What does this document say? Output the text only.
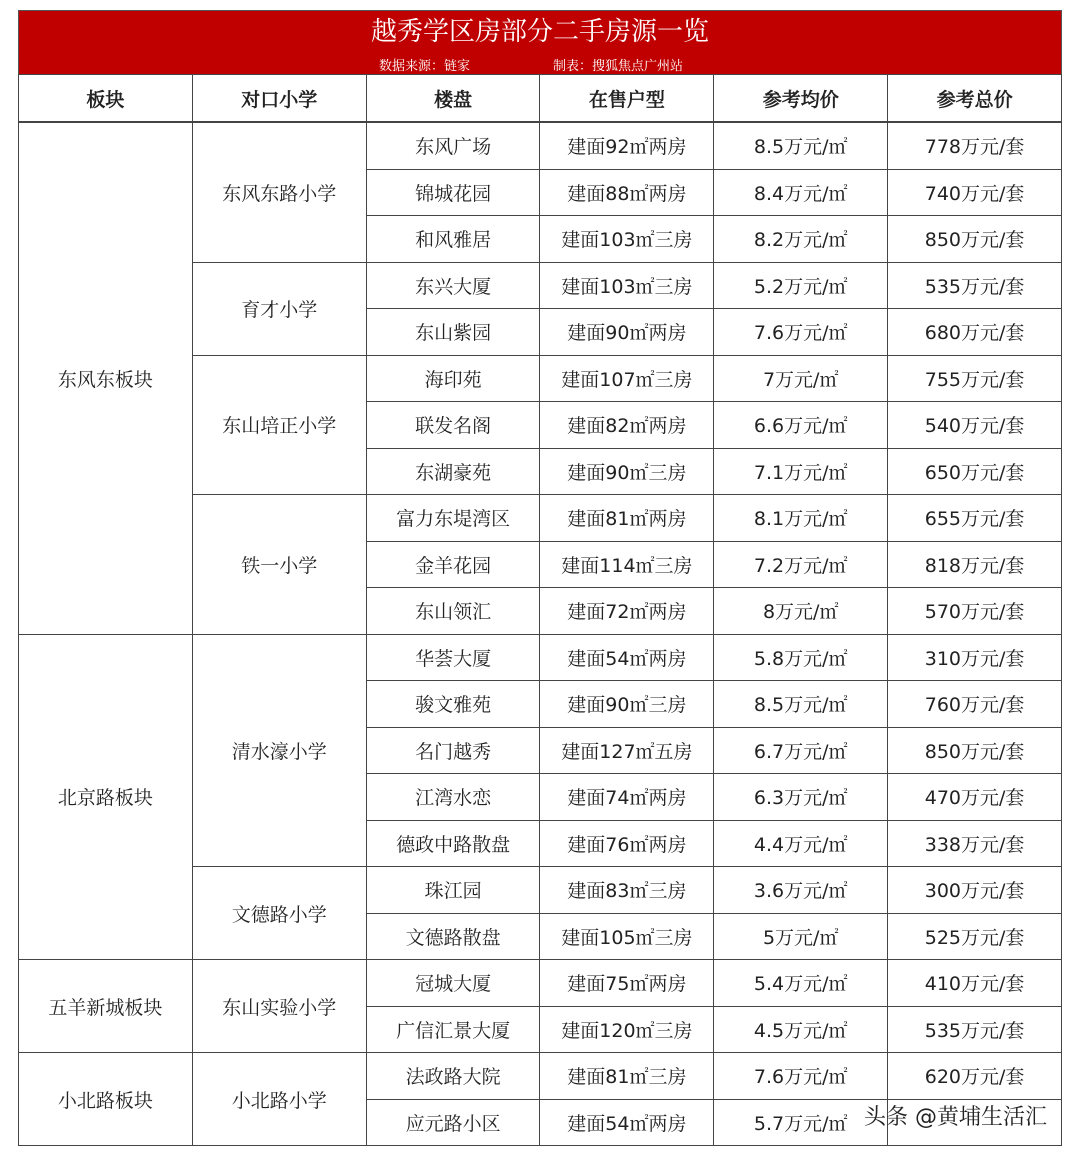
越秀学区房部分二手房源一览
数据来源：链家	制表：搜狐焦点广州站
板块	对口小学	楼盘	在售户型	参考均价	参考总价
东风东板块	东风东路小学	东风广场	建面92㎡两房	8.5万元/㎡	778万元/套
		锦城花园	建面88㎡两房	8.4万元/㎡	740万元/套
		和风雅居	建面103㎡三房	8.2万元/㎡	850万元/套
	育才小学	东兴大厦	建面103㎡三房	5.2万元/㎡	535万元/套
		东山紫园	建面90㎡两房	7.6万元/㎡	680万元/套
	东山培正小学	海印苑	建面107㎡三房	7万元/㎡	755万元/套
		联发名阁	建面82㎡两房	6.6万元/㎡	540万元/套
		东湖豪苑	建面90㎡三房	7.1万元/㎡	650万元/套
	铁一小学	富力东堤湾区	建面81㎡两房	8.1万元/㎡	655万元/套
		金羊花园	建面114㎡三房	7.2万元/㎡	818万元/套
		东山领汇	建面72㎡两房	8万元/㎡	570万元/套
北京路板块	清水濠小学	华荟大厦	建面54㎡两房	5.8万元/㎡	310万元/套
		骏文雅苑	建面90㎡三房	8.5万元/㎡	760万元/套
		名门越秀	建面127㎡五房	6.7万元/㎡	850万元/套
		江湾水恋	建面74㎡两房	6.3万元/㎡	470万元/套
		德政中路散盘	建面76㎡两房	4.4万元/㎡	338万元/套
	文德路小学	珠江园	建面83㎡三房	3.6万元/㎡	300万元/套
		文德路散盘	建面105㎡三房	5万元/㎡	525万元/套
五羊新城板块	东山实验小学	冠城大厦	建面75㎡两房	5.4万元/㎡	410万元/套
		广信汇景大厦	建面120㎡三房	4.5万元/㎡	535万元/套
小北路板块	小北路小学	法政路大院	建面81㎡三房	7.6万元/㎡	620万元/套
		应元路小区	建面54㎡两房	5.7万元/㎡	头条 @黄埔生活汇
